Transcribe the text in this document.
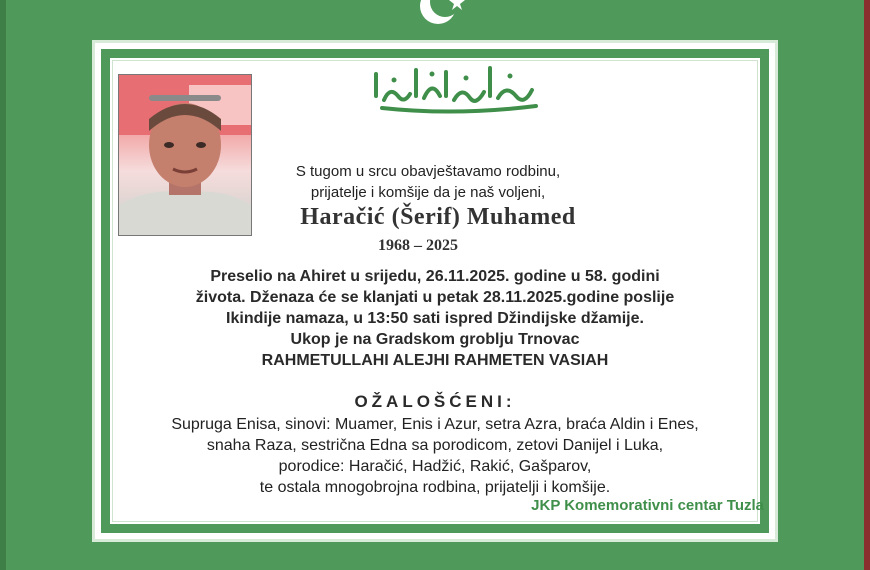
S tugom u srcu obavještavamo rodbinu,
prijatelje i komšije da je naš voljeni,
Haračić (Šerif) Muhamed
1968 – 2025
Preselio na Ahiret u srijedu, 26.11.2025. godine u 58. godini
života. Dženaza će se klanjati u petak 28.11.2025.godine poslije
Ikindije namaza, u 13:50 sati ispred Džindijske džamije.
Ukop je na Gradskom groblju Trnovac
RAHMETULLAHI ALEJHI RAHMETEN VASIAH
OŽALOŠĆENI:
Supruga Enisa, sinovi: Muamer, Enis i Azur, setra Azra, braća Aldin i Enes,
snaha Raza, sestrična Edna sa porodicom, zetovi Danijel i Luka,
porodice: Haračić, Hadžić, Rakić, Gašparov,
te ostala mnogobrojna rodbina, prijatelji i komšije.
JKP Komemorativni centar Tuzla
